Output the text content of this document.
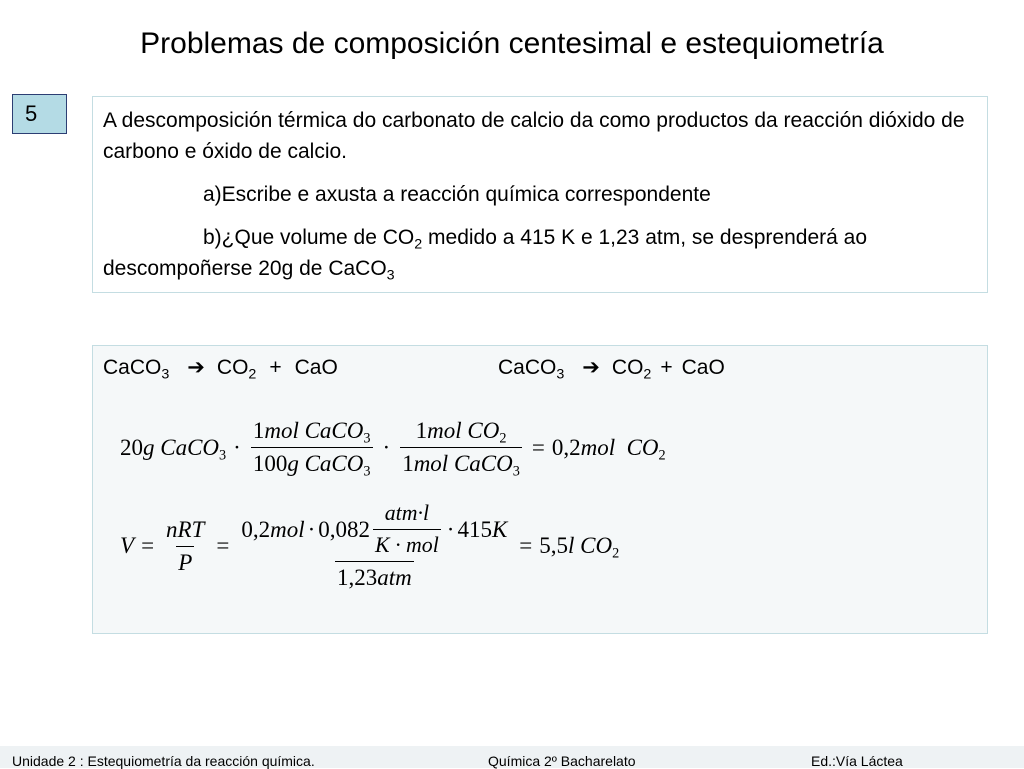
Problemas de composición centesimal e estequiometría
5	A descomposición térmica do carbonato de calcio da como productos da reacción dióxido de carbono e óxido de calcio.

a)Escribe e axusta a reacción química correspondente

b)¿Que volume de $CO_2$ medido a 415 K e 1,23 atm, se desprenderá ao descompoñerse 20g de CaCO$_3$

CaCO$_3$ ➔ $CO_2$ + CaO	CaCO$_3$ ➔ $CO_2$ + CaO
20g CaCO$_3$ · $\frac{1mol CaCO_3}{100g CaCO_3} \cdot \frac{1mol CO_2}{1mol CaCO_3} = 0,2mol$ $CO_2$
$V = \frac{\text{nRT}}{P}$ =
0,2 mol · $0,082 \frac{\text{atm·l}}{\text{K · mol}} \cdot 415$ K
1,23atm
= 5,5l $CO_2$
Unidade 2 : Estequiometría da reacción química.	Química 2º Bacharelato	Ed.:Vía Láctea
